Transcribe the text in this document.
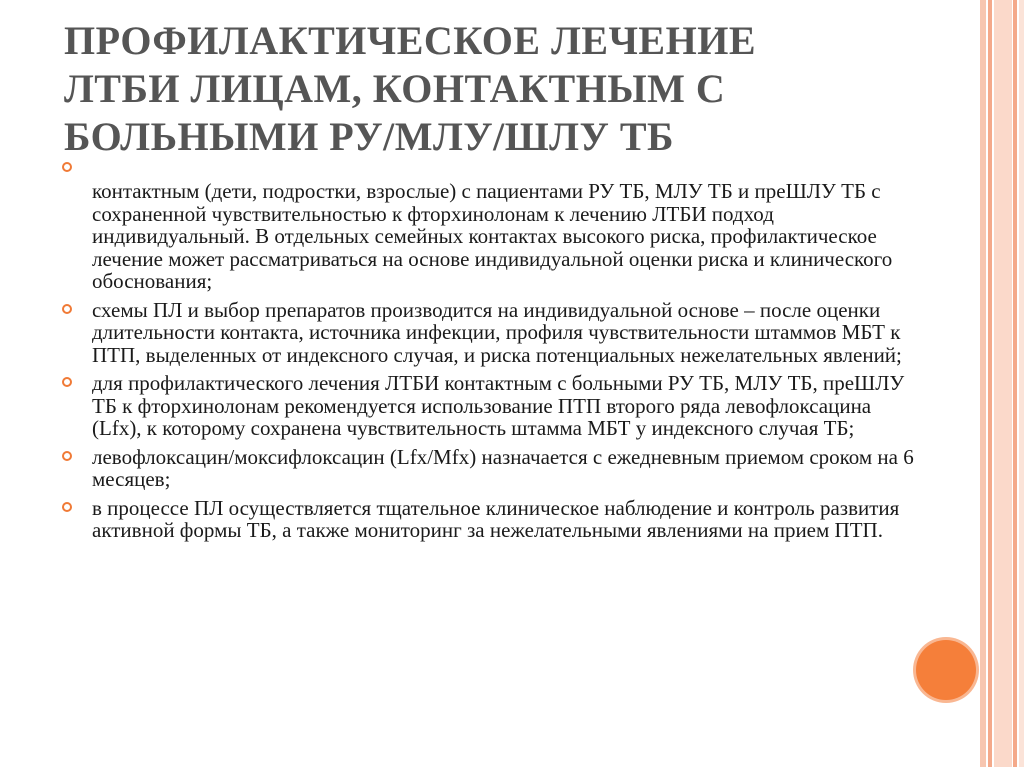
ПРОФИЛАКТИЧЕСКОЕ ЛЕЧЕНИЕ
ЛТБИ ЛИЦАМ, КОНТАКТНЫМ С
БОЛЬНЫМИ РУ/МЛУ/ШЛУ ТБ
контактным (дети, подростки, взрослые) с пациентами РУ ТБ, МЛУ ТБ и преШЛУ ТБ с сохраненной чувствительностью к фторхинолонам к лечению ЛТБИ подход индивидуальный. В отдельных семейных контактах высокого риска, профилактическое лечение может рассматриваться на основе индивидуальной оценки риска и клинического обоснования;
схемы ПЛ и выбор препаратов производится на индивидуальной основе – после оценки длительности контакта, источника инфекции, профиля чувствительности штаммов МБТ к ПТП, выделенных от индексного случая, и риска потенциальных нежелательных явлений;
для профилактического лечения ЛТБИ контактным с больными РУ ТБ, МЛУ ТБ, преШЛУ ТБ к фторхинолонам рекомендуется использование ПТП второго ряда левофлоксацина (Lfx), к которому сохранена чувствительность штамма МБТ у индексного случая ТБ;
левофлоксацин/моксифлоксацин (Lfx/Mfx) назначается с ежедневным приемом сроком на 6 месяцев;
в процессе ПЛ осуществляется тщательное клиническое наблюдение и контроль развития активной формы ТБ, а также мониторинг за нежелательными явлениями на прием ПТП.
